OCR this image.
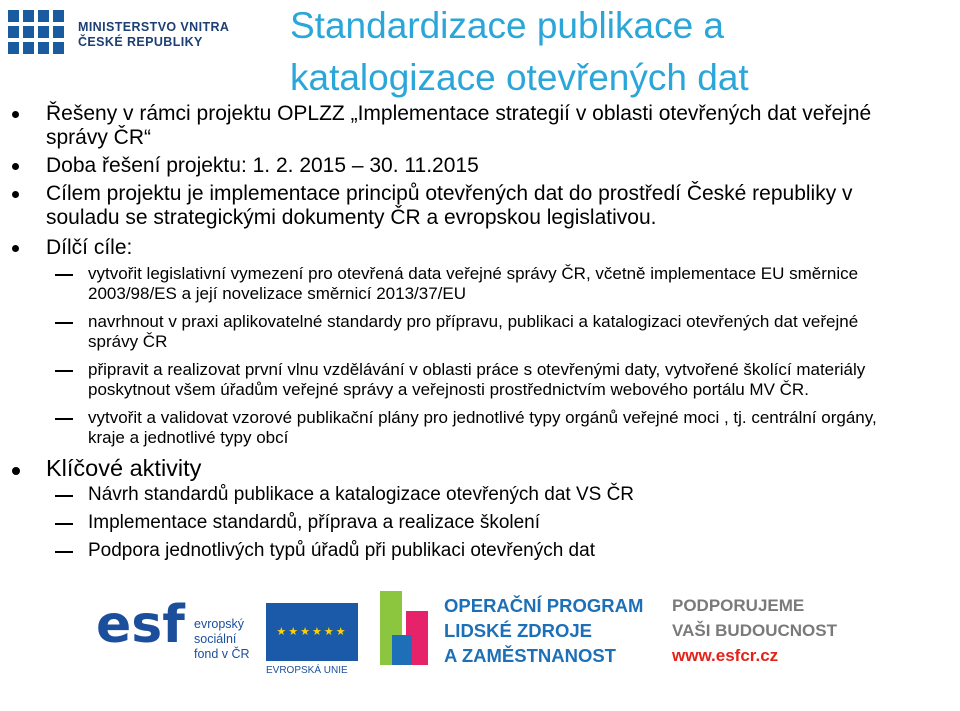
MINISTERSTVO VNITRA
ČESKÉ REPUBLIKY	Standardizace publikace a
katalogizace otevřených dat
Řešeny v rámci projektu OPLZZ „Implementace strategií v oblasti otevřených dat veřejné správy ČR“
Doba řešení projektu: 1. 2. 2015 – 30. 11.2015
Cílem projektu je implementace principů otevřených dat do prostředí České republiky v souladu se strategickými dokumenty ČR a evropskou legislativou.
Dílčí cíle:
vytvořit legislativní vymezení pro otevřená data veřejné správy ČR, včetně implementace EU směrnice 2003/98/ES a její novelizace směrnicí 2013/37/EU
navrhnout v praxi aplikovatelné standardy pro přípravu, publikaci a katalogizaci otevřených dat veřejné správy ČR
připravit a realizovat první vlnu vzdělávání v oblasti práce s otevřenými daty, vytvořené školící materiály poskytnout všem úřadům veřejné správy a veřejnosti prostřednictvím webového portálu MV ČR.
vytvořit a validovat vzorové publikační plány pro jednotlivé typy orgánů veřejné moci , tj. centrální orgány, kraje a jednotlivé typy obcí
Klíčové aktivity
Návrh standardů publikace a katalogizace otevřených dat VS ČR
Implementace standardů, příprava a realizace školení
Podpora jednotlivých typů úřadů při publikaci otevřených dat
esf evropský
sociální
fond v ČR
★★★★★★
EVROPSKÁ UNIE
OPERAČNÍ PROGRAM
LIDSKÉ ZDROJE
A ZAMĚSTNANOST
PODPORUJEME
VAŠI BUDOUCNOST
www.esfcr.cz
